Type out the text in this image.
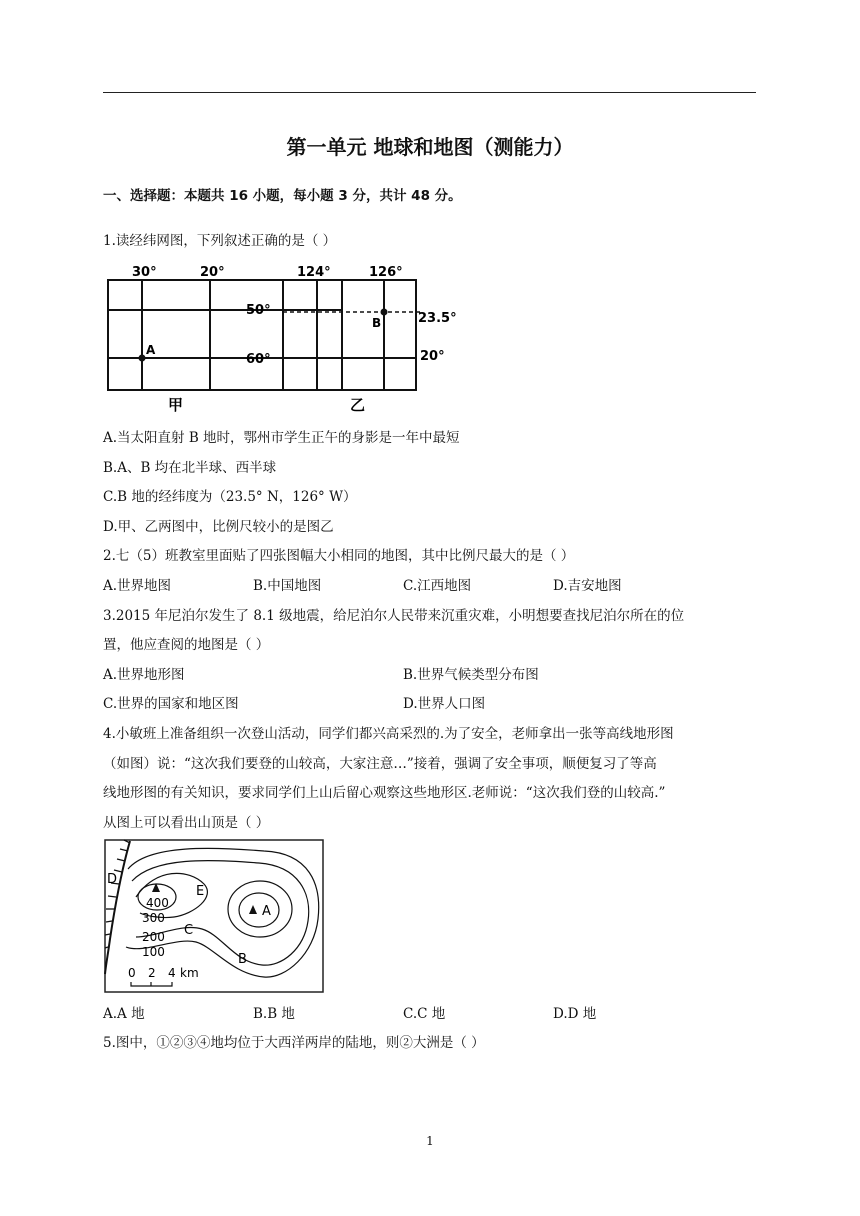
第一单元 地球和地图（测能力）
一、选择题：本题共 16 小题，每小题 3 分，共计 48 分。
1.读经纬网图，下列叙述正确的是（ ）
30°	20°
50°
60°
A
甲
124°	126°
23.5°
20°
B
乙
A.当太阳直射 B 地时，鄂州市学生正午的身影是一年中最短
B.A、B 均在北半球、西半球
C.B 地的经纬度为（23.5° N，126° W）
D.甲、乙两图中，比例尺较小的是图乙
2.七（5）班教室里面贴了四张图幅大小相同的地图，其中比例尺最大的是（ ）
A.世界地图	B.中国地图	C.江西地图	D.吉安地图
3.2015 年尼泊尔发生了 8.1 级地震，给尼泊尔人民带来沉重灾难，小明想要查找尼泊尔所在的位
置，他应查阅的地图是（ ）
A.世界地形图	B.世界气候类型分布图
C.世界的国家和地区图	D.世界人口图
4.小敏班上准备组织一次登山活动，同学们都兴高采烈的.为了安全，老师拿出一张等高线地形图
（如图）说：“这次我们要登的山较高，大家注意…”接着，强调了安全事项，顺便复习了等高
线地形图的有关知识，要求同学们上山后留心观察这些地形区.老师说：“这次我们登的山较高.”
从图上可以看出山顶是（ ）
400
300
200
100
A
B
C
D
E
0 2 4 km
A.A 地	B.B 地	C.C 地	D.D 地
5.图中，①②③④地均位于大西洋两岸的陆地，则②大洲是（ ）
1
